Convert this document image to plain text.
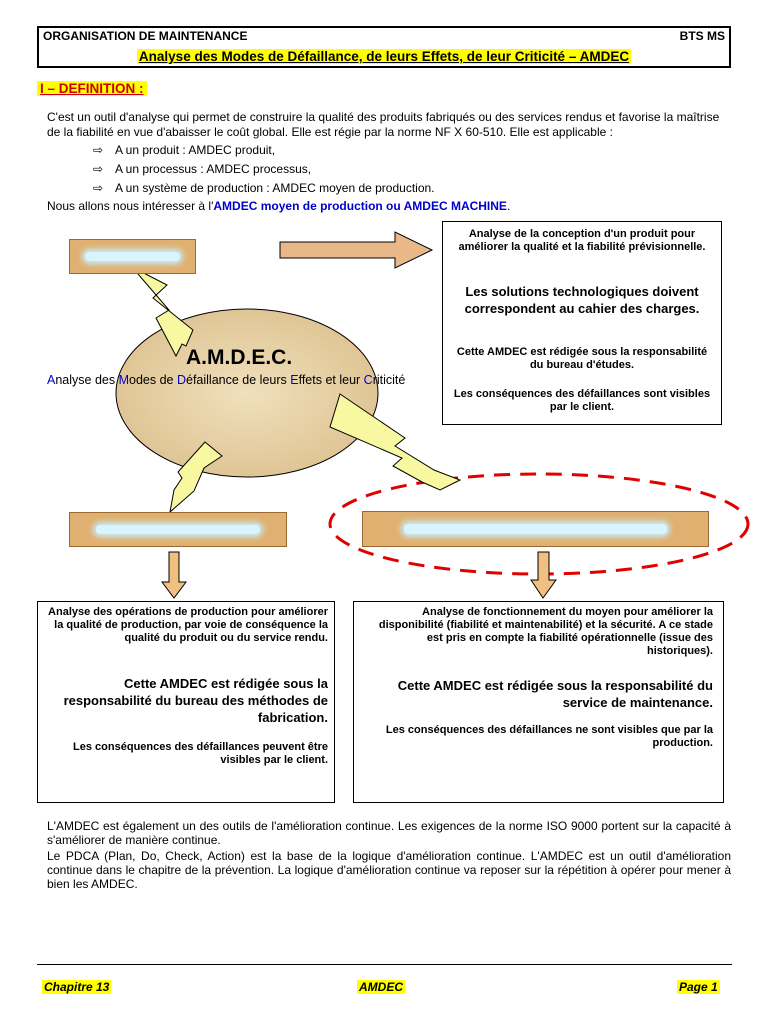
ORGANISATION DE MAINTENANCE	BTS MS
Analyse des Modes de Défaillance, de leurs Effets, de leur Criticité – AMDEC
I – DEFINITION :
C'est un outil d'analyse qui permet de construire la qualité des produits fabriqués ou des services rendus et favorise la maîtrise de la fiabilité en vue d'abaisser le coût global. Elle est régie par la norme NF X 60-510. Elle est applicable :
⇨ A un produit : AMDEC produit,
⇨ A un processus : AMDEC processus,
⇨ A un système de production : AMDEC moyen de production.
Nous allons nous intéresser à l'AMDEC moyen de production ou AMDEC MACHINE.
A.M.D.E.C.
Analyse des Modes de Défaillance de leurs Effets et leur Criticité
Analyse de la conception d'un produit pour améliorer la qualité et la fiabilité prévisionnelle.
Les solutions technologiques doivent correspondent au cahier des charges.
Cette AMDEC est rédigée sous la responsabilité du bureau d'études.
Les conséquences des défaillances sont visibles par le client.
Analyse des opérations de production pour améliorer la qualité de production, par voie de conséquence la qualité du produit ou du service rendu.
Cette AMDEC est rédigée sous la responsabilité du bureau des méthodes de fabrication.
Les conséquences des défaillances peuvent être visibles par le client.
Analyse de fonctionnement du moyen pour améliorer la disponibilité (fiabilité et maintenabilité) et la sécurité. A ce stade est pris en compte la fiabilité opérationnelle (issue des historiques).
Cette AMDEC est rédigée sous la responsabilité du service de maintenance.
Les conséquences des défaillances ne sont visibles que par la production.
L'AMDEC est également un des outils de l'amélioration continue. Les exigences de la norme ISO 9000 portent sur la capacité à s'améliorer de manière continue.
Le PDCA (Plan, Do, Check, Action) est la base de la logique d'amélioration continue. L'AMDEC est un outil d'amélioration continue dans le chapitre de la prévention. La logique d'amélioration continue va reposer sur la répétition à opérer pour mener à bien les AMDEC.
Chapitre 13	AMDEC	Page 1
